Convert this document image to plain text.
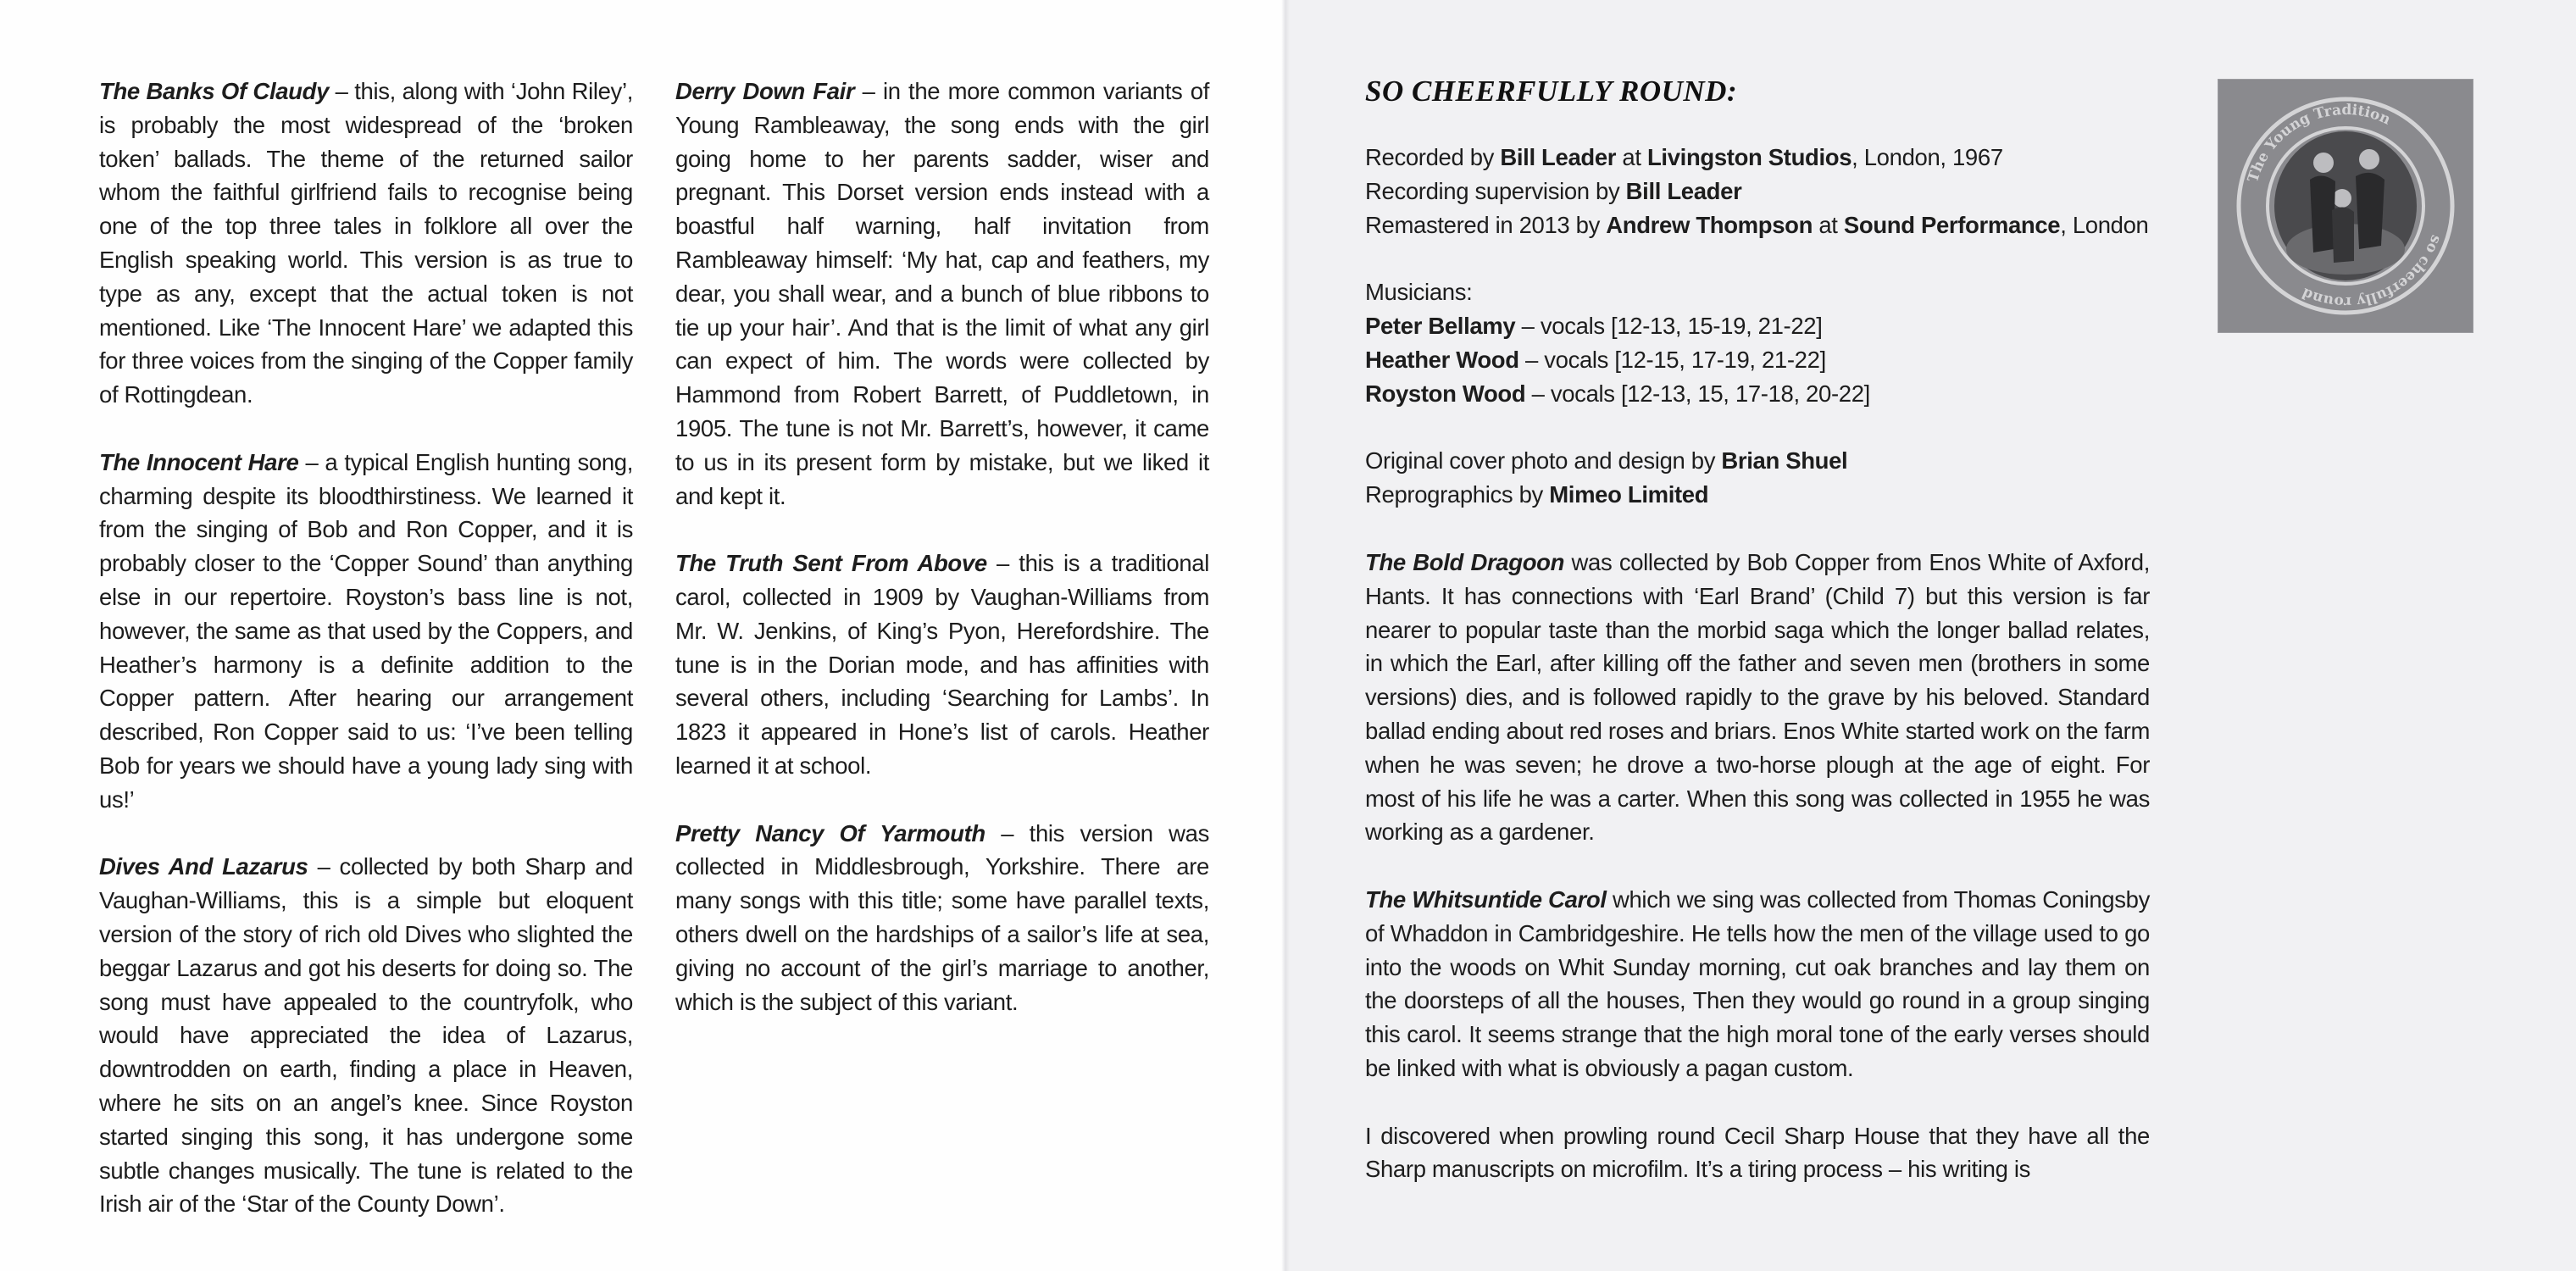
The Banks Of Claudy – this, along with ‘John Riley’, is probably the most widespread of the ‘broken token’ ballads. The theme of the returned sailor whom the faithful girlfriend fails to recognise being one of the top three tales in folklore all over the English speaking world. This version is as true to type as any, except that the actual token is not mentioned. Like ‘The Innocent Hare’ we adapted this for three voices from the singing of the Copper family of Rottingdean.

The Innocent Hare – a typical English hunting song, charming despite its bloodthirstiness. We learned it from the singing of Bob and Ron Copper, and it is probably closer to the ‘Copper Sound’ than anything else in our repertoire. Royston’s bass line is not, however, the same as that used by the Coppers, and Heather’s harmony is a definite addition to the Copper pattern. After hearing our arrangement described, Ron Copper said to us: ‘I’ve been telling Bob for years we should have a young lady sing with us!’

Dives And Lazarus – collected by both Sharp and Vaughan-Williams, this is a simple but eloquent version of the story of rich old Dives who slighted the beggar Lazarus and got his deserts for doing so. The song must have appealed to the countryfolk, who would have appreciated the idea of Lazarus, downtrodden on earth, finding a place in Heaven, where he sits on an angel’s knee. Since Royston started singing this song, it has undergone some subtle changes musically. The tune is related to the Irish air of the ‘Star of the County Down’.

Derry Down Fair – in the more common variants of Young Rambleaway, the song ends with the girl going home to her parents sadder, wiser and pregnant. This Dorset version ends instead with a boastful half warning, half invitation from Rambleaway himself: ‘My hat, cap and feathers, my dear, you shall wear, and a bunch of blue ribbons to tie up your hair’. And that is the limit of what any girl can expect of him. The words were collected by Hammond from Robert Barrett, of Puddletown, in 1905. The tune is not Mr. Barrett’s, however, it came to us in its present form by mistake, but we liked it and kept it.

The Truth Sent From Above – this is a traditional carol, collected in 1909 by Vaughan-Williams from Mr. W. Jenkins, of King’s Pyon, Herefordshire. The tune is in the Dorian mode, and has affinities with several others, including ‘Searching for Lambs’. In 1823 it appeared in Hone’s list of carols. Heather learned it at school.

Pretty Nancy Of Yarmouth – this version was collected in Middlesbrough, Yorkshire. There are many songs with this title; some have parallel texts, others dwell on the hardships of a sailor’s life at sea, giving no account of the girl’s marriage to another, which is the subject of this variant.

SO CHEERFULLY ROUND:
Recorded by Bill Leader at Livingston Studios, London, 1967
Recording supervision by Bill Leader
Remastered in 2013 by Andrew Thompson at Sound Performance, London
Musicians:
Peter Bellamy – vocals [12-13, 15-19, 21-22]
Heather Wood – vocals [12-15, 17-19, 21-22]
Royston Wood – vocals [12-13, 15, 17-18, 20-22]
Original cover photo and design by Brian Shuel
Reprographics by Mimeo Limited

The Bold Dragoon was collected by Bob Copper from Enos White of Axford, Hants. It has connections with ‘Earl Brand’ (Child 7) but this version is far nearer to popular taste than the morbid saga which the longer ballad relates, in which the Earl, after killing off the father and seven men (brothers in some versions) dies, and is followed rapidly to the grave by his beloved. Standard ballad ending about red roses and briars. Enos White started work on the farm when he was seven; he drove a two-horse plough at the age of eight. For most of his life he was a carter. When this song was collected in 1955 he was working as a gardener.

The Whitsuntide Carol which we sing was collected from Thomas Coningsby of Whaddon in Cambridgeshire. He tells how the men of the village used to go into the woods on Whit Sunday morning, cut oak branches and lay them on the doorsteps of all the houses, Then they would go round in a group singing this carol. It seems strange that the high moral tone of the early verses should be linked with what is obviously a pagan custom.

I discovered when prowling round Cecil Sharp House that they have all the Sharp manuscripts on microfilm. It’s a tiring process – his writing is

The Young Tradition
so cheerfully round
